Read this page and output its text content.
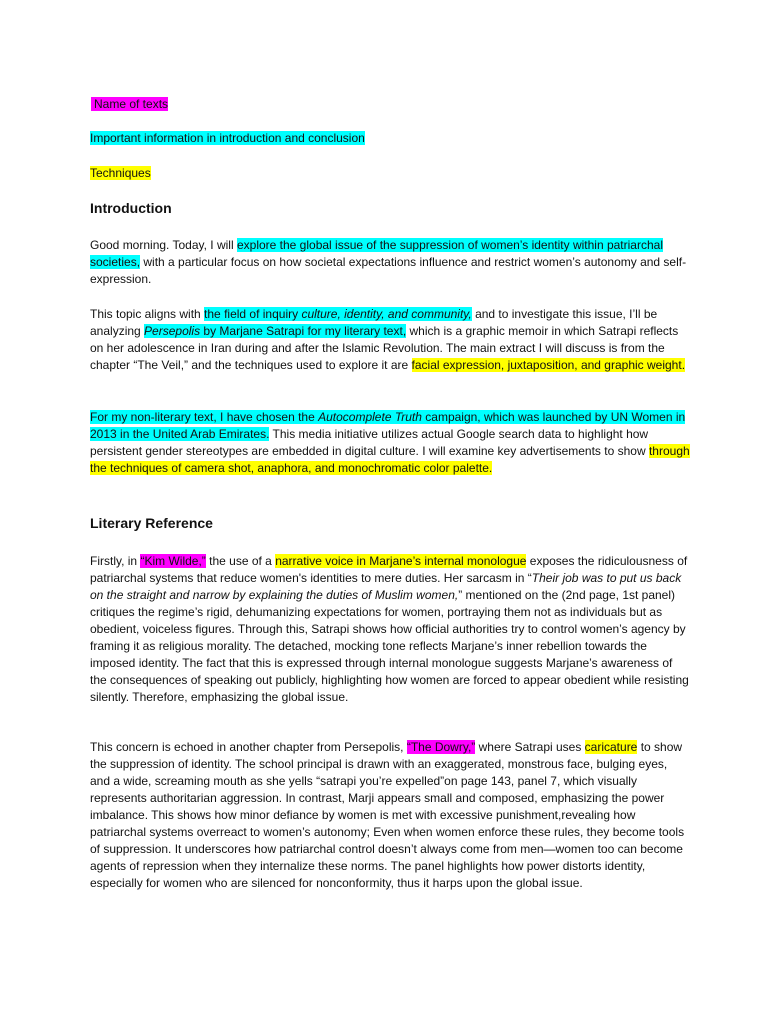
Name of texts
Important information in introduction and conclusion
Techniques
Introduction

Good morning. Today, I will explore the global issue of the suppression of women’s identity within patriarchal societies, with a particular focus on how societal expectations influence and restrict women’s autonomy and self-expression.

This topic aligns with the field of inquiry culture, identity, and community, and to investigate this issue, I’ll be analyzing Persepolis by Marjane Satrapi for my literary text, which is a graphic memoir in which Satrapi reflects on her adolescence in Iran during and after the Islamic Revolution. The main extract I will discuss is from the chapter “The Veil,” and the techniques used to explore it are facial expression, juxtaposition, and graphic weight.

For my non-literary text, I have chosen the Autocomplete Truth campaign, which was launched by UN Women in 2013 in the United Arab Emirates. This media initiative utilizes actual Google search data to highlight how persistent gender stereotypes are embedded in digital culture. I will examine key advertisements to show through the techniques of camera shot, anaphora, and monochromatic color palette.

Literary Reference

Firstly, in “Kim Wilde,” the use of a narrative voice in Marjane’s internal monologue exposes the ridiculousness of patriarchal systems that reduce women's identities to mere duties. Her sarcasm in “Their job was to put us back on the straight and narrow by explaining the duties of Muslim women,” mentioned on the (2nd page, 1st panel) critiques the regime’s rigid, dehumanizing expectations for women, portraying them not as individuals but as obedient, voiceless figures. Through this, Satrapi shows how official authorities try to control women’s agency by framing it as religious morality. The detached, mocking tone reflects Marjane’s inner rebellion towards the imposed identity. The fact that this is expressed through internal monologue suggests Marjane’s awareness of the consequences of speaking out publicly, highlighting how women are forced to appear obedient while resisting silently. Therefore, emphasizing the global issue.

This concern is echoed in another chapter from Persepolis, “The Dowry,” where Satrapi uses caricature to show the suppression of identity. The school principal is drawn with an exaggerated, monstrous face, bulging eyes, and a wide, screaming mouth as she yells “satrapi you’re expelled”on page 143, panel 7, which visually represents authoritarian aggression. In contrast, Marji appears small and composed, emphasizing the power imbalance. This shows how minor defiance by women is met with excessive punishment,revealing how patriarchal systems overreact to women’s autonomy; Even when women enforce these rules, they become tools of suppression. It underscores how patriarchal control doesn’t always come from men—women too can become agents of repression when they internalize these norms. The panel highlights how power distorts identity, especially for women who are silenced for nonconformity, thus it harps upon the global issue.
